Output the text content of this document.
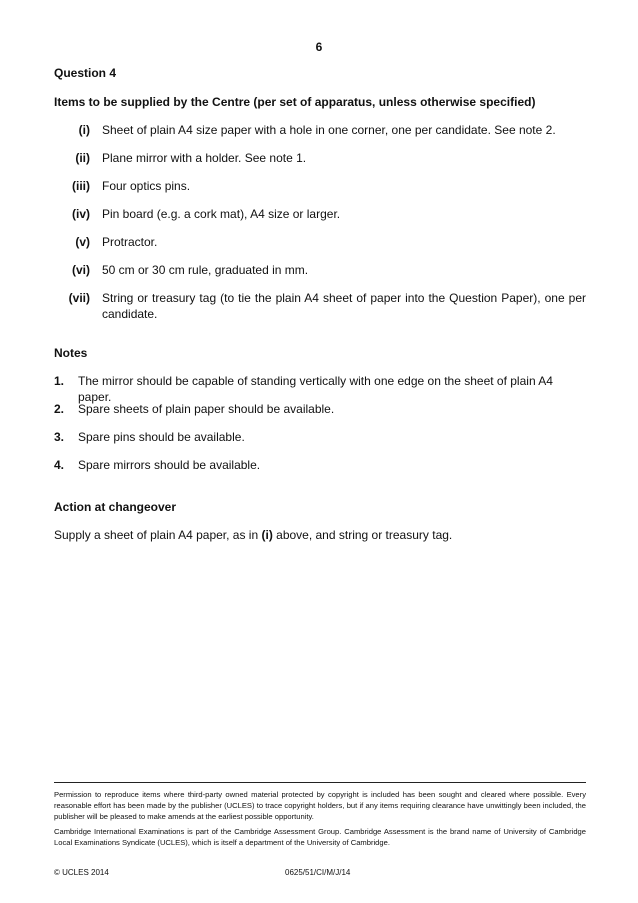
6
Question 4
Items to be supplied by the Centre (per set of apparatus, unless otherwise specified)
(i) Sheet of plain A4 size paper with a hole in one corner, one per candidate. See note 2.
(ii) Plane mirror with a holder. See note 1.
(iii) Four optics pins.
(iv) Pin board (e.g. a cork mat), A4 size or larger.
(v) Protractor.
(vi) 50 cm or 30 cm rule, graduated in mm.
(vii) String or treasury tag (to tie the plain A4 sheet of paper into the Question Paper), one per candidate.
Notes
1. The mirror should be capable of standing vertically with one edge on the sheet of plain A4 paper.
2. Spare sheets of plain paper should be available.
3. Spare pins should be available.
4. Spare mirrors should be available.
Action at changeover
Supply a sheet of plain A4 paper, as in (i) above, and string or treasury tag.
Permission to reproduce items where third-party owned material protected by copyright is included has been sought and cleared where possible. Every reasonable effort has been made by the publisher (UCLES) to trace copyright holders, but if any items requiring clearance have unwittingly been included, the publisher will be pleased to make amends at the earliest possible opportunity.
Cambridge International Examinations is part of the Cambridge Assessment Group. Cambridge Assessment is the brand name of University of Cambridge Local Examinations Syndicate (UCLES), which is itself a department of the University of Cambridge.
© UCLES 2014	0625/51/CI/M/J/14
